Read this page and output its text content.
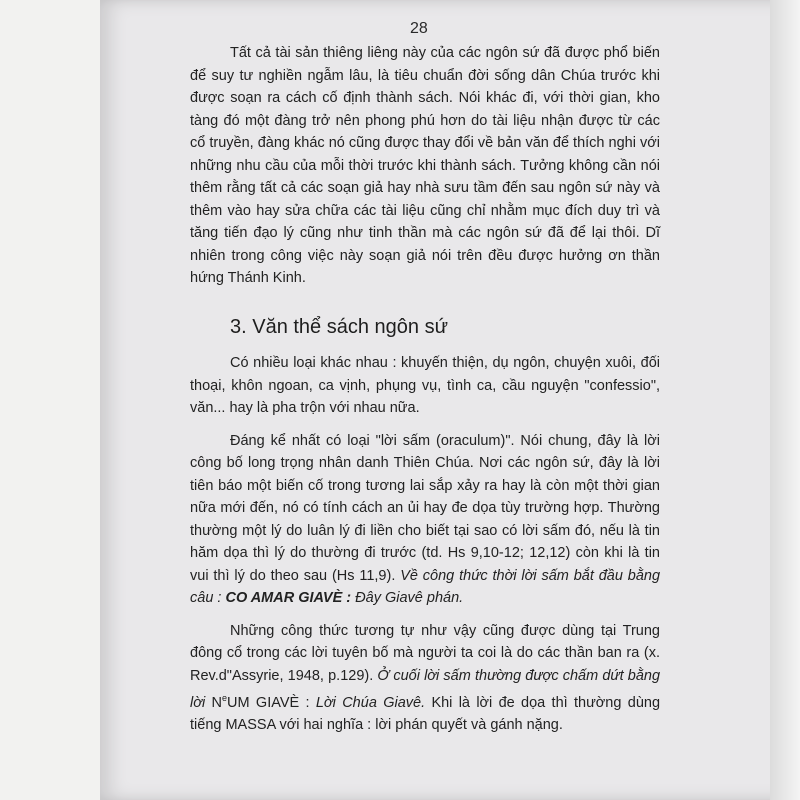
28

Tất cả tài sản thiêng liêng này của các ngôn sứ đã được phổ biến để suy tư nghiền ngẫm lâu, là tiêu chuẩn đời sống dân Chúa trước khi được soạn ra cách cố định thành sách. Nói khác đi, với thời gian, kho tàng đó một đàng trở nên phong phú hơn do tài liệu nhận được từ các cổ truyền, đàng khác nó cũng được thay đổi về bản văn để thích nghi với những nhu cầu của mỗi thời trước khi thành sách. Tưởng không cần nói thêm rằng tất cả các soạn giả hay nhà sưu tầm đến sau ngôn sứ này và thêm vào hay sửa chữa các tài liệu cũng chỉ nhằm mục đích duy trì và tăng tiến đạo lý cũng như tinh thần mà các ngôn sứ đã để lại thôi. Dĩ nhiên trong công việc này soạn giả nói trên đều được hưởng ơn thần hứng Thánh Kinh.

3. Văn thể sách ngôn sứ

Có nhiều loại khác nhau : khuyến thiện, dụ ngôn, chuyện xuôi, đối thoại, khôn ngoan, ca vịnh, phụng vụ, tình ca, cầu nguyện "confessio", văn... hay là pha trộn với nhau nữa.

Đáng kể nhất có loại "lời sấm (oraculum)". Nói chung, đây là lời công bố long trọng nhân danh Thiên Chúa. Nơi các ngôn sứ, đây là lời tiên báo một biến cố trong tương lai sắp xảy ra hay là còn một thời gian nữa mới đến, nó có tính cách an ủi hay đe dọa tùy trường hợp. Thường thường một lý do luân lý đi liền cho biết tại sao có lời sấm đó, nếu là tin hăm dọa thì lý do thường đi trước (td. Hs 9,10-12; 12,12) còn khi là tin vui thì lý do theo sau (Hs 11,9). Về công thức thời lời sấm bắt đầu bằng câu : CO AMAR GIAVÈ : Đây Giavê phán.

Những công thức tương tự như vậy cũng được dùng tại Trung đông cổ trong các lời tuyên bố mà người ta coi là do các thần ban ra (x. Rev.d"Assyrie, 1948, p.129). Ở cuối lời sấm thường được chấm dứt bằng lời $N^eUM$ GIAVÈ : Lời Chúa Giavê. Khi là lời đe dọa thì thường dùng tiếng MASSA với hai nghĩa : lời phán quyết và gánh nặng.
